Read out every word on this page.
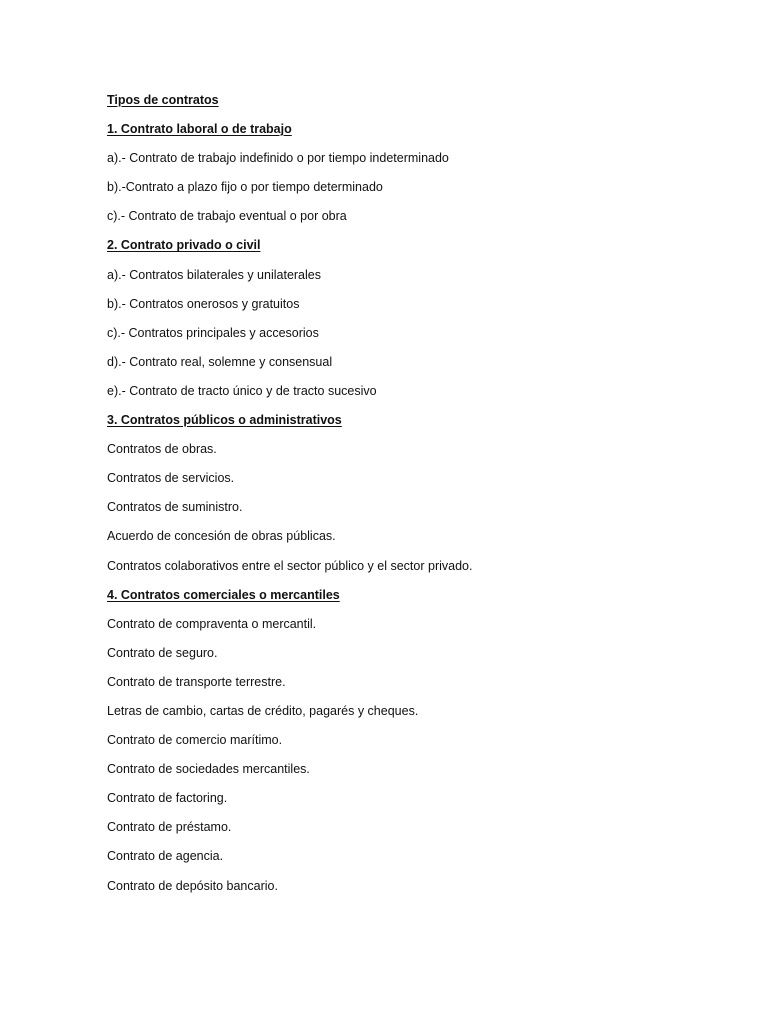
Tipos de contratos
1. Contrato laboral o de trabajo
a).- Contrato de trabajo indefinido o por tiempo indeterminado
b).-Contrato a plazo fijo o por tiempo determinado
c).- Contrato de trabajo eventual o por obra
2. Contrato privado o civil
a).- Contratos bilaterales y unilaterales
b).- Contratos onerosos y gratuitos
c).- Contratos principales y accesorios
d).- Contrato real, solemne y consensual
e).- Contrato de tracto único y de tracto sucesivo
3. Contratos públicos o administrativos
Contratos de obras.
Contratos de servicios.
Contratos de suministro.
Acuerdo de concesión de obras públicas.
Contratos colaborativos entre el sector público y el sector privado.
4. Contratos comerciales o mercantiles
Contrato de compraventa o mercantil.
Contrato de seguro.
Contrato de transporte terrestre.
Letras de cambio, cartas de crédito, pagarés y cheques.
Contrato de comercio marítimo.
Contrato de sociedades mercantiles.
Contrato de factoring.
Contrato de préstamo.
Contrato de agencia.
Contrato de depósito bancario.
